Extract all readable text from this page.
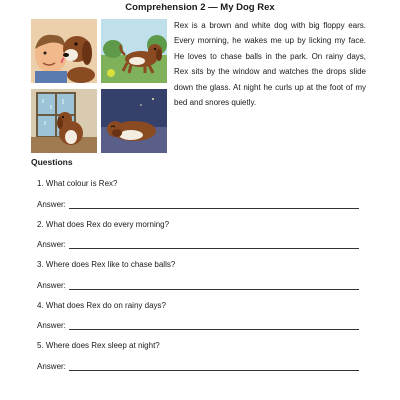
Comprehension 2 — My Dog Rex
Rex is a brown and white dog with big floppy ears. Every morning, he wakes me up by licking my face. He loves to chase balls in the park. On rainy days, Rex sits by the window and watches the drops slide down the glass. At night he curls up at the foot of my bed and snores quietly.
Questions
1. What colour is Rex?
Answer:
2. What does Rex do every morning?
Answer:
3. Where does Rex like to chase balls?
Answer:
4. What does Rex do on rainy days?
Answer:
5. Where does Rex sleep at night?
Answer:
